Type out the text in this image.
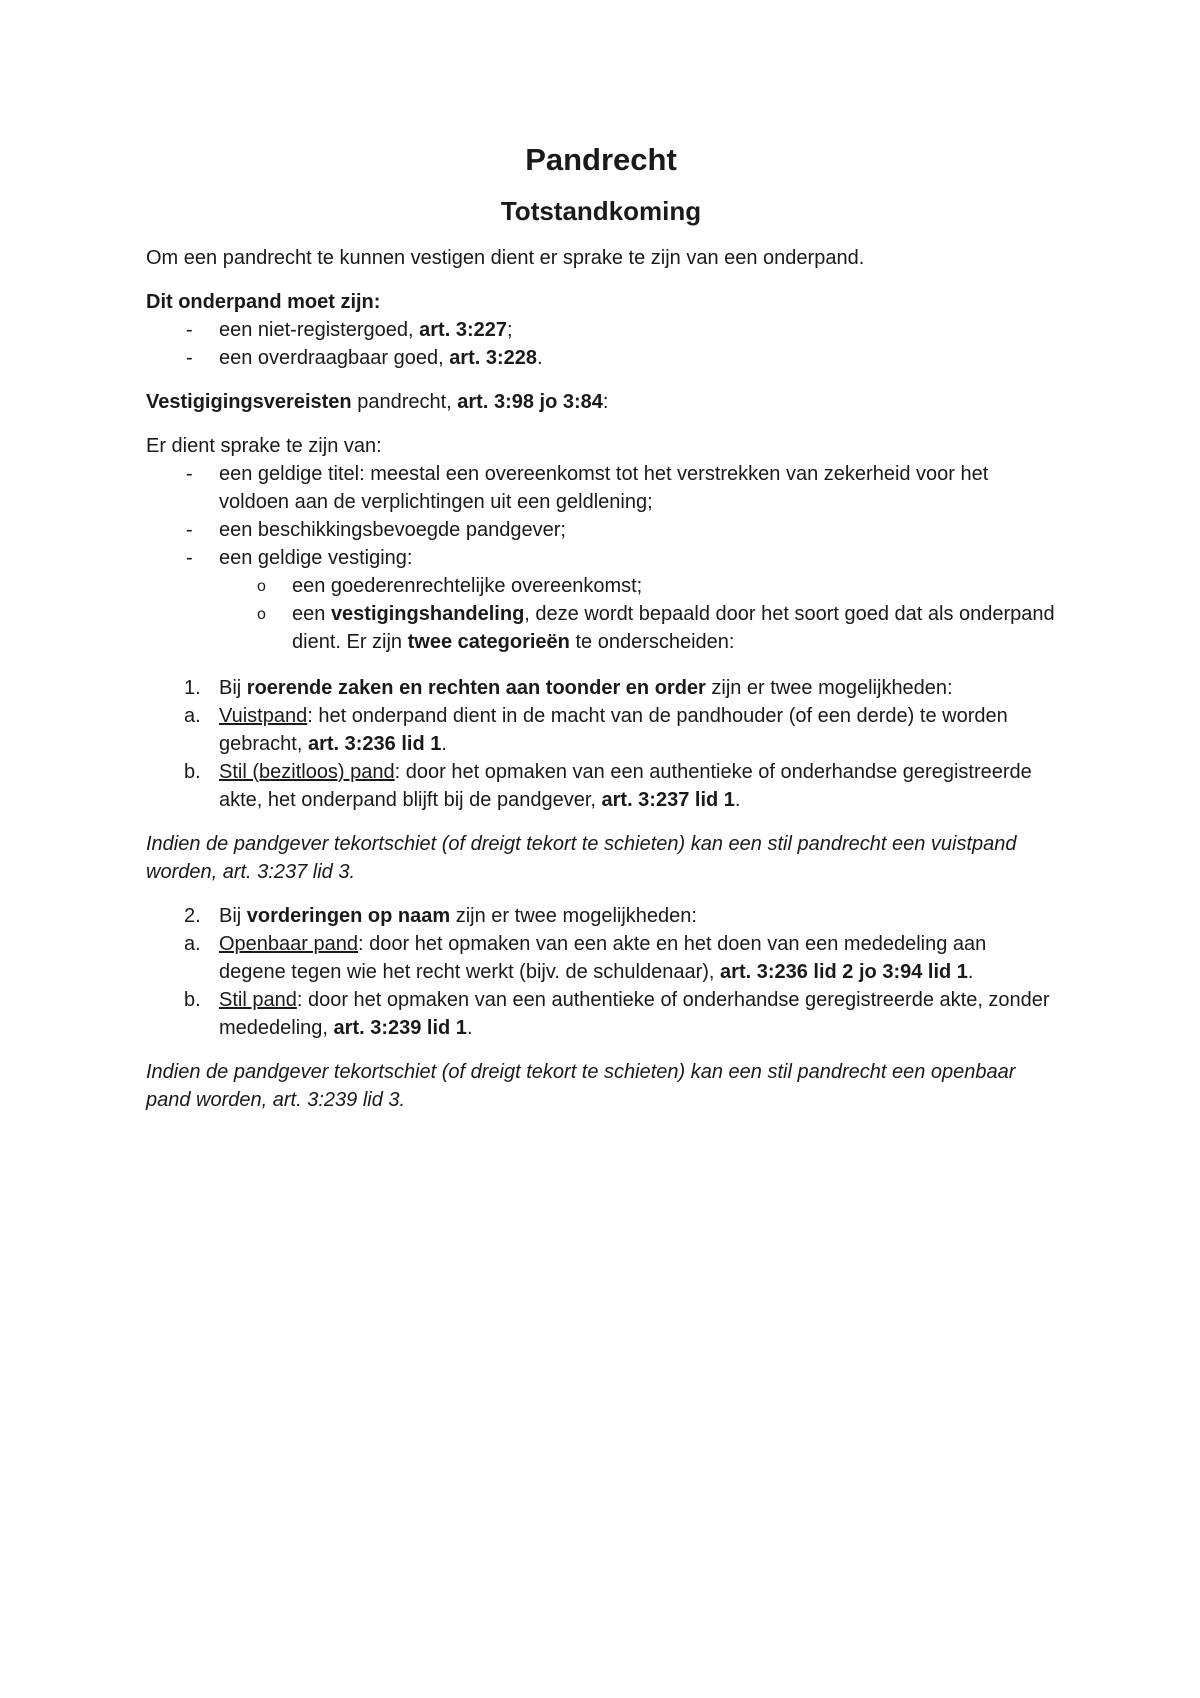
Pandrecht
Totstandkoming

Om een pandrecht te kunnen vestigen dient er sprake te zijn van een onderpand.

Dit onderpand moet zijn:

- een niet-registergoed, art. 3:227;
- een overdraagbaar goed, art. 3:228.

Vestigigingsvereisten pandrecht, art. 3:98 jo 3:84:

Er dient sprake te zijn van:

- een geldige titel: meestal een overeenkomst tot het verstrekken van zekerheid voor het voldoen aan de verplichtingen uit een geldlening;
- een beschikkingsbevoegde pandgever;
- een geldige vestiging:
o een goederenrechtelijke overeenkomst;
o een vestigingshandeling, deze wordt bepaald door het soort goed dat als onderpand dient. Er zijn twee categorieën te onderscheiden:
1. Bij roerende zaken en rechten aan toonder en order zijn er twee mogelijkheden:
a. Vuistpand: het onderpand dient in de macht van de pandhouder (of een derde) te worden gebracht, art. 3:236 lid 1.
b. Stil (bezitloos) pand: door het opmaken van een authentieke of onderhandse geregistreerde akte, het onderpand blijft bij de pandgever, art. 3:237 lid 1.

Indien de pandgever tekortschiet (of dreigt tekort te schieten) kan een stil pandrecht een vuistpand worden, art. 3:237 lid 3.

2. Bij vorderingen op naam zijn er twee mogelijkheden:
a. Openbaar pand: door het opmaken van een akte en het doen van een mededeling aan degene tegen wie het recht werkt (bijv. de schuldenaar), art. 3:236 lid 2 jo 3:94 lid 1.
b. Stil pand: door het opmaken van een authentieke of onderhandse geregistreerde akte, zonder mededeling, art. 3:239 lid 1.

Indien de pandgever tekortschiet (of dreigt tekort te schieten) kan een stil pandrecht een openbaar pand worden, art. 3:239 lid 3.
